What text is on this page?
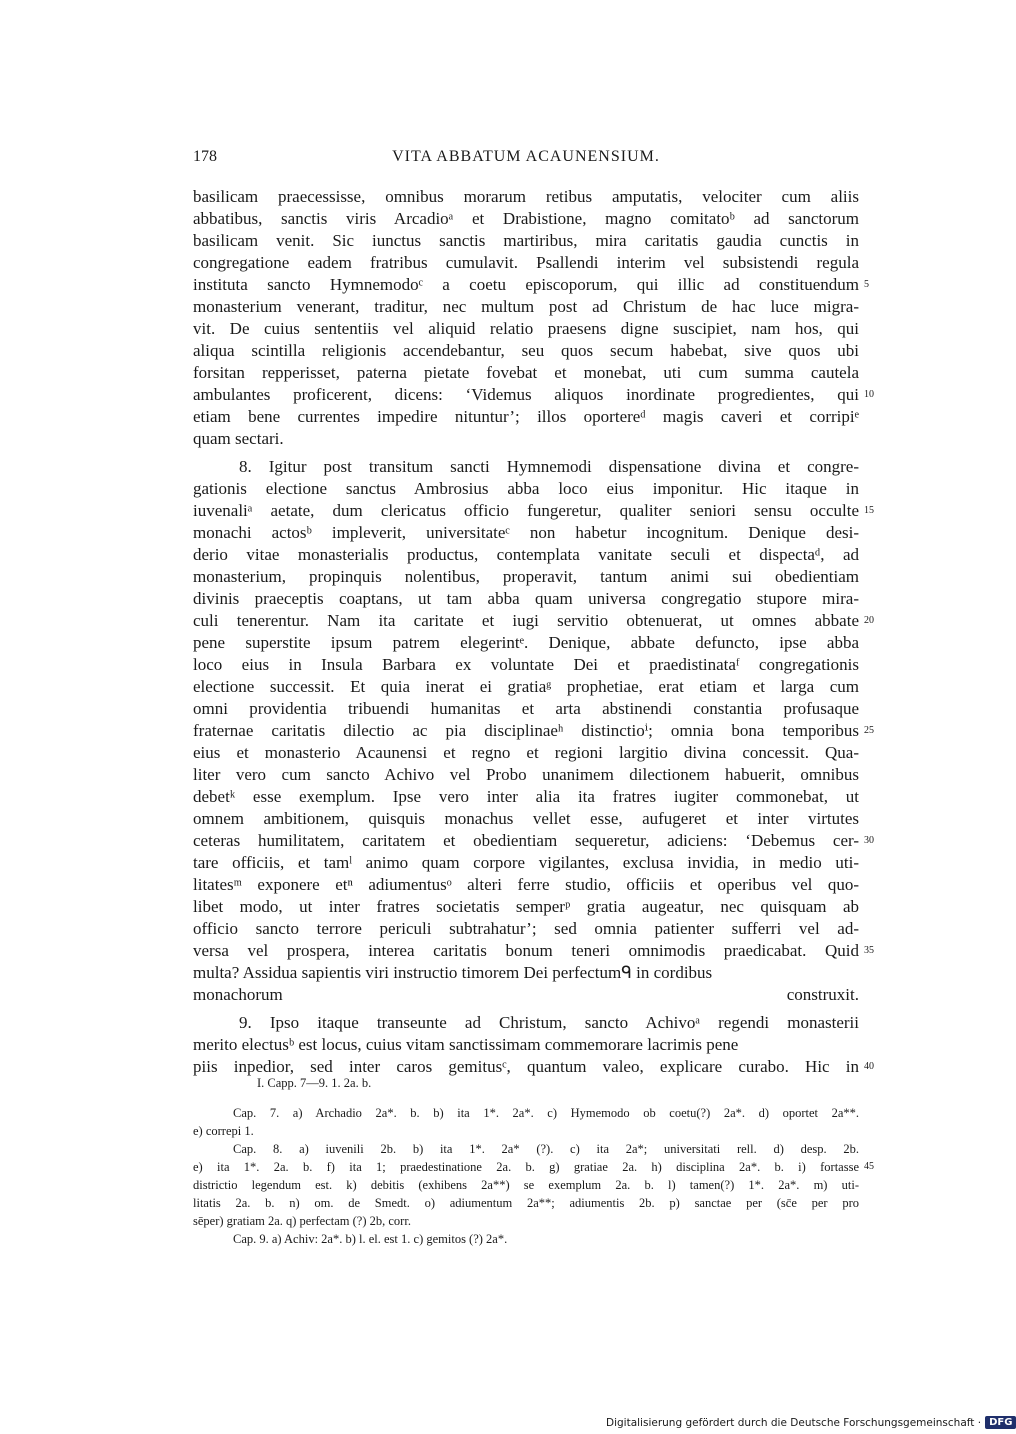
178	VITA ABBATUM ACAUNENSIUM.
basilicam praecessisse, omnibus morarum retibus amputatis, velociter cum aliis
abbatibus, sanctis viris Arcadioᵃ et Drabistione, magno comitatoᵇ ad sanctorum
basilicam venit. Sic iunctus sanctis martiribus, mira caritatis gaudia cunctis in
congregatione eadem fratribus cumulavit. Psallendi interim vel subsistendi regula
instituta sancto Hymnemodoᶜ a coetu episcoporum, qui illic ad constituendum
monasterium venerant, traditur, nec multum post ad Christum de hac luce migra-
vit. De cuius sententiis vel aliquid relatio praesens digne suscipiet, nam hos, qui
aliqua scintilla religionis accendebantur, seu quos secum habebat, sive quos ubi
forsitan repperisset, paterna pietate fovebat et monebat, uti cum summa cautela
ambulantes proficerent, dicens: ‘Videmus aliquos inordinate progredientes, qui
etiam bene currentes impedire nituntur’; illos oportereᵈ magis caveri et corripiᵉ
quam sectari.
8. Igitur post transitum sancti Hymnemodi dispensatione divina et congre-
gationis electione sanctus Ambrosius abba loco eius imponitur. Hic itaque in
iuvenaliᵃ aetate, dum clericatus officio fungeretur, qualiter seniori sensu occulte
monachi actosᵇ impleverit, universitateᶜ non habetur incognitum. Denique desi-
derio vitae monasterialis productus, contemplata vanitate seculi et dispectaᵈ, ad
monasterium, propinquis nolentibus, properavit, tantum animi sui obedientiam
divinis praeceptis coaptans, ut tam abba quam universa congregatio stupore mira-
culi tenerentur. Nam ita caritate et iugi servitio obtenuerat, ut omnes abbate
pene superstite ipsum patrem elegerintᵉ. Denique, abbate defuncto, ipse abba
loco eius in Insula Barbara ex voluntate Dei et praedistinataᶠ congregationis
electione successit. Et quia inerat ei gratiaᵍ prophetiae, erat etiam et larga cum
omni providentia tribuendi humanitas et arta abstinendi constantia profusaque
fraternae caritatis dilectio ac pia disciplinaeʰ distinctioⁱ; omnia bona temporibus
eius et monasterio Acaunensi et regno et regioni largitio divina concessit. Qua-
liter vero cum sancto Achivo vel Probo unanimem dilectionem habuerit, omnibus
debetᵏ esse exemplum. Ipse vero inter alia ita fratres iugiter commonebat, ut
omnem ambitionem, quisquis monachus vellet esse, aufugeret et inter virtutes
ceteras humilitatem, caritatem et obedientiam sequeretur, adiciens: ‘Debemus cer-
tare officiis, et tamˡ animo quam corpore vigilantes, exclusa invidia, in medio uti-
litatesᵐ exponere etⁿ adiumentusᵒ alteri ferre studio, officiis et operibus vel quo-
libet modo, ut inter fratres societatis semperᵖ gratia augeatur, nec quisquam ab
officio sancto terrore periculi subtrahatur’; sed omnia patienter sufferri vel ad-
versa vel prospera, interea caritatis bonum teneri omnimodis praedicabat. Quid
multa? Assidua sapientis viri instructio timorem Dei perfectumᑫ in cordibus
monachorum construxit.
9. Ipso itaque transeunte ad Christum, sancto Achivoᵃ regendi monasterii
merito electusᵇ est locus, cuius vitam sanctissimam commemorare lacrimis pene
piis inpedior, sed inter caros gemitusᶜ, quantum valeo, explicare curabo. Hic in
5
10
15
20
25
30
35
40
I. Capp. 7—9. 1. 2a. b.
Cap. 7. a) Archadio 2a*. b. b) ita 1*. 2a*. c) Hymemodo ob coetu(?) 2a*. d) oportet 2a**.
e) correpi 1.
Cap. 8. a) iuvenili 2b. b) ita 1*. 2a* (?). c) ita 2a*; universitati rell. d) desp. 2b.
e) ita 1*. 2a. b. f) ita 1; praedestinatione 2a. b. g) gratiae 2a. h) disciplina 2a*. b. i) fortasse
districtio legendum est. k) debitis (exhibens 2a**) se exemplum 2a. b. l) tamen(?) 1*. 2a*. m) uti-
litatis 2a. b. n) om. de Smedt. o) adiumentum 2a**; adiumentis 2b. p) sanctae per (sc̄e per pro
sēper) gratiam 2a. q) perfectam (?) 2b, corr.
Cap. 9. a) Achiv: 2a*. b) l. el. est 1. c) gemitos (?) 2a*.
45
Digitalisierung gefördert durch die Deutsche Forschungsgemeinschaft · DFG
